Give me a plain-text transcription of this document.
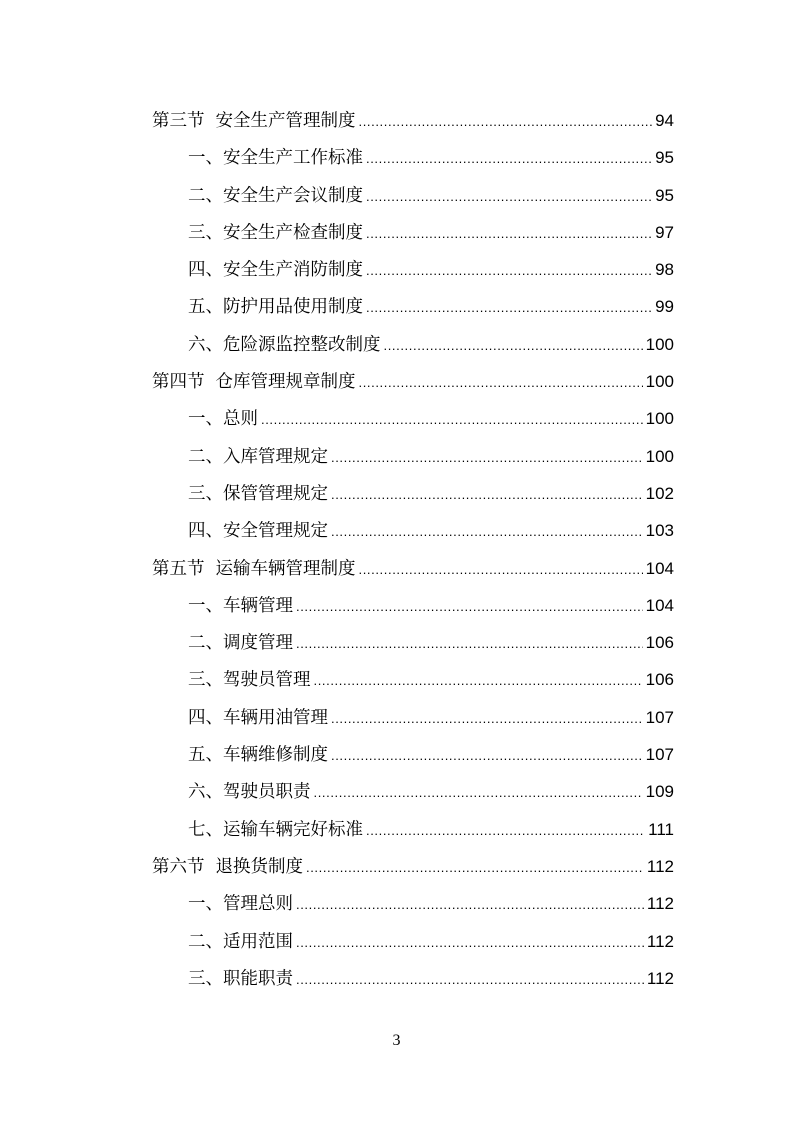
第三节 安全生产管理制度 .....	94
一、安全生产工作标准 .....	95
二、安全生产会议制度 .....	95
三、安全生产检查制度 .....	97
四、安全生产消防制度 .....	98
五、防护用品使用制度 .....	99
六、危险源监控整改制度 .....	100
第四节 仓库管理规章制度 .....	100
一、总则 .....	100
二、入库管理规定 .....	100
三、保管管理规定 .....	102
四、安全管理规定 .....	103
第五节 运输车辆管理制度 .....	104
一、车辆管理 .....	104
二、调度管理 .....	106
三、驾驶员管理 .....	106
四、车辆用油管理 .....	107
五、车辆维修制度 .....	107
六、驾驶员职责 .....	109
七、运输车辆完好标准 .....	111
第六节 退换货制度 .....	112
一、管理总则 .....	112
二、适用范围 .....	112
三、职能职责 .....	112
3
